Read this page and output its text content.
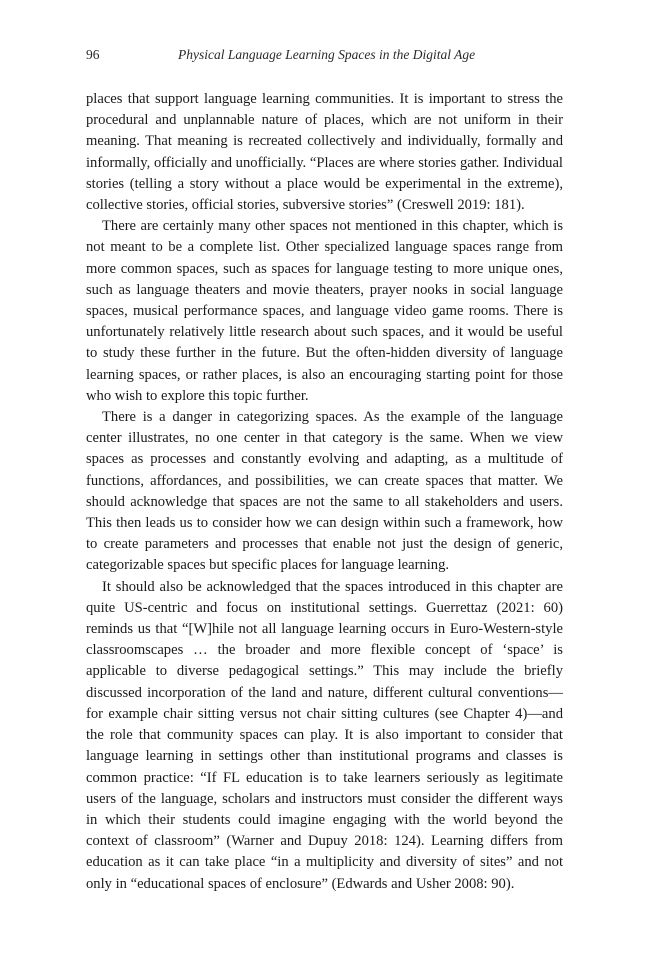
96	Physical Language Learning Spaces in the Digital Age

places that support language learning communities. It is important to stress the procedural and unplannable nature of places, which are not uniform in their meaning. That meaning is recreated collectively and individually, formally and informally, officially and unofficially. “Places are where stories gather. Individual stories (telling a story without a place would be experimental in the extreme), collective stories, official stories, subversive stories” (Creswell 2019: 181).

There are certainly many other spaces not mentioned in this chapter, which is not meant to be a complete list. Other specialized language spaces range from more common spaces, such as spaces for language testing to more unique ones, such as language theaters and movie theaters, prayer nooks in social language spaces, musical performance spaces, and language video game rooms. There is unfortunately relatively little research about such spaces, and it would be useful to study these further in the future. But the often-hidden diversity of language learning spaces, or rather places, is also an encouraging starting point for those who wish to explore this topic further.

There is a danger in categorizing spaces. As the example of the language center illustrates, no one center in that category is the same. When we view spaces as processes and constantly evolving and adapting, as a multitude of functions, affordances, and possibilities, we can create spaces that matter. We should acknowledge that spaces are not the same to all stakeholders and users. This then leads us to consider how we can design within such a framework, how to create parameters and processes that enable not just the design of generic, categorizable spaces but specific places for language learning.

It should also be acknowledged that the spaces introduced in this chapter are quite US-centric and focus on institutional settings. Guerrettaz (2021: 60) reminds us that “[W]hile not all language learning occurs in Euro-Western-style classroomscapes … the broader and more flexible concept of ‘space’ is applicable to diverse pedagogical settings.” This may include the briefly discussed incorporation of the land and nature, different cultural conventions—for example chair sitting versus not chair sitting cultures (see Chapter 4)—and the role that community spaces can play. It is also important to consider that language learning in settings other than institutional programs and classes is common practice: “If FL education is to take learners seriously as legitimate users of the language, scholars and instructors must consider the different ways in which their students could imagine engaging with the world beyond the context of classroom” (Warner and Dupuy 2018: 124). Learning differs from education as it can take place “in a multiplicity and diversity of sites” and not only in “educational spaces of enclosure” (Edwards and Usher 2008: 90).
